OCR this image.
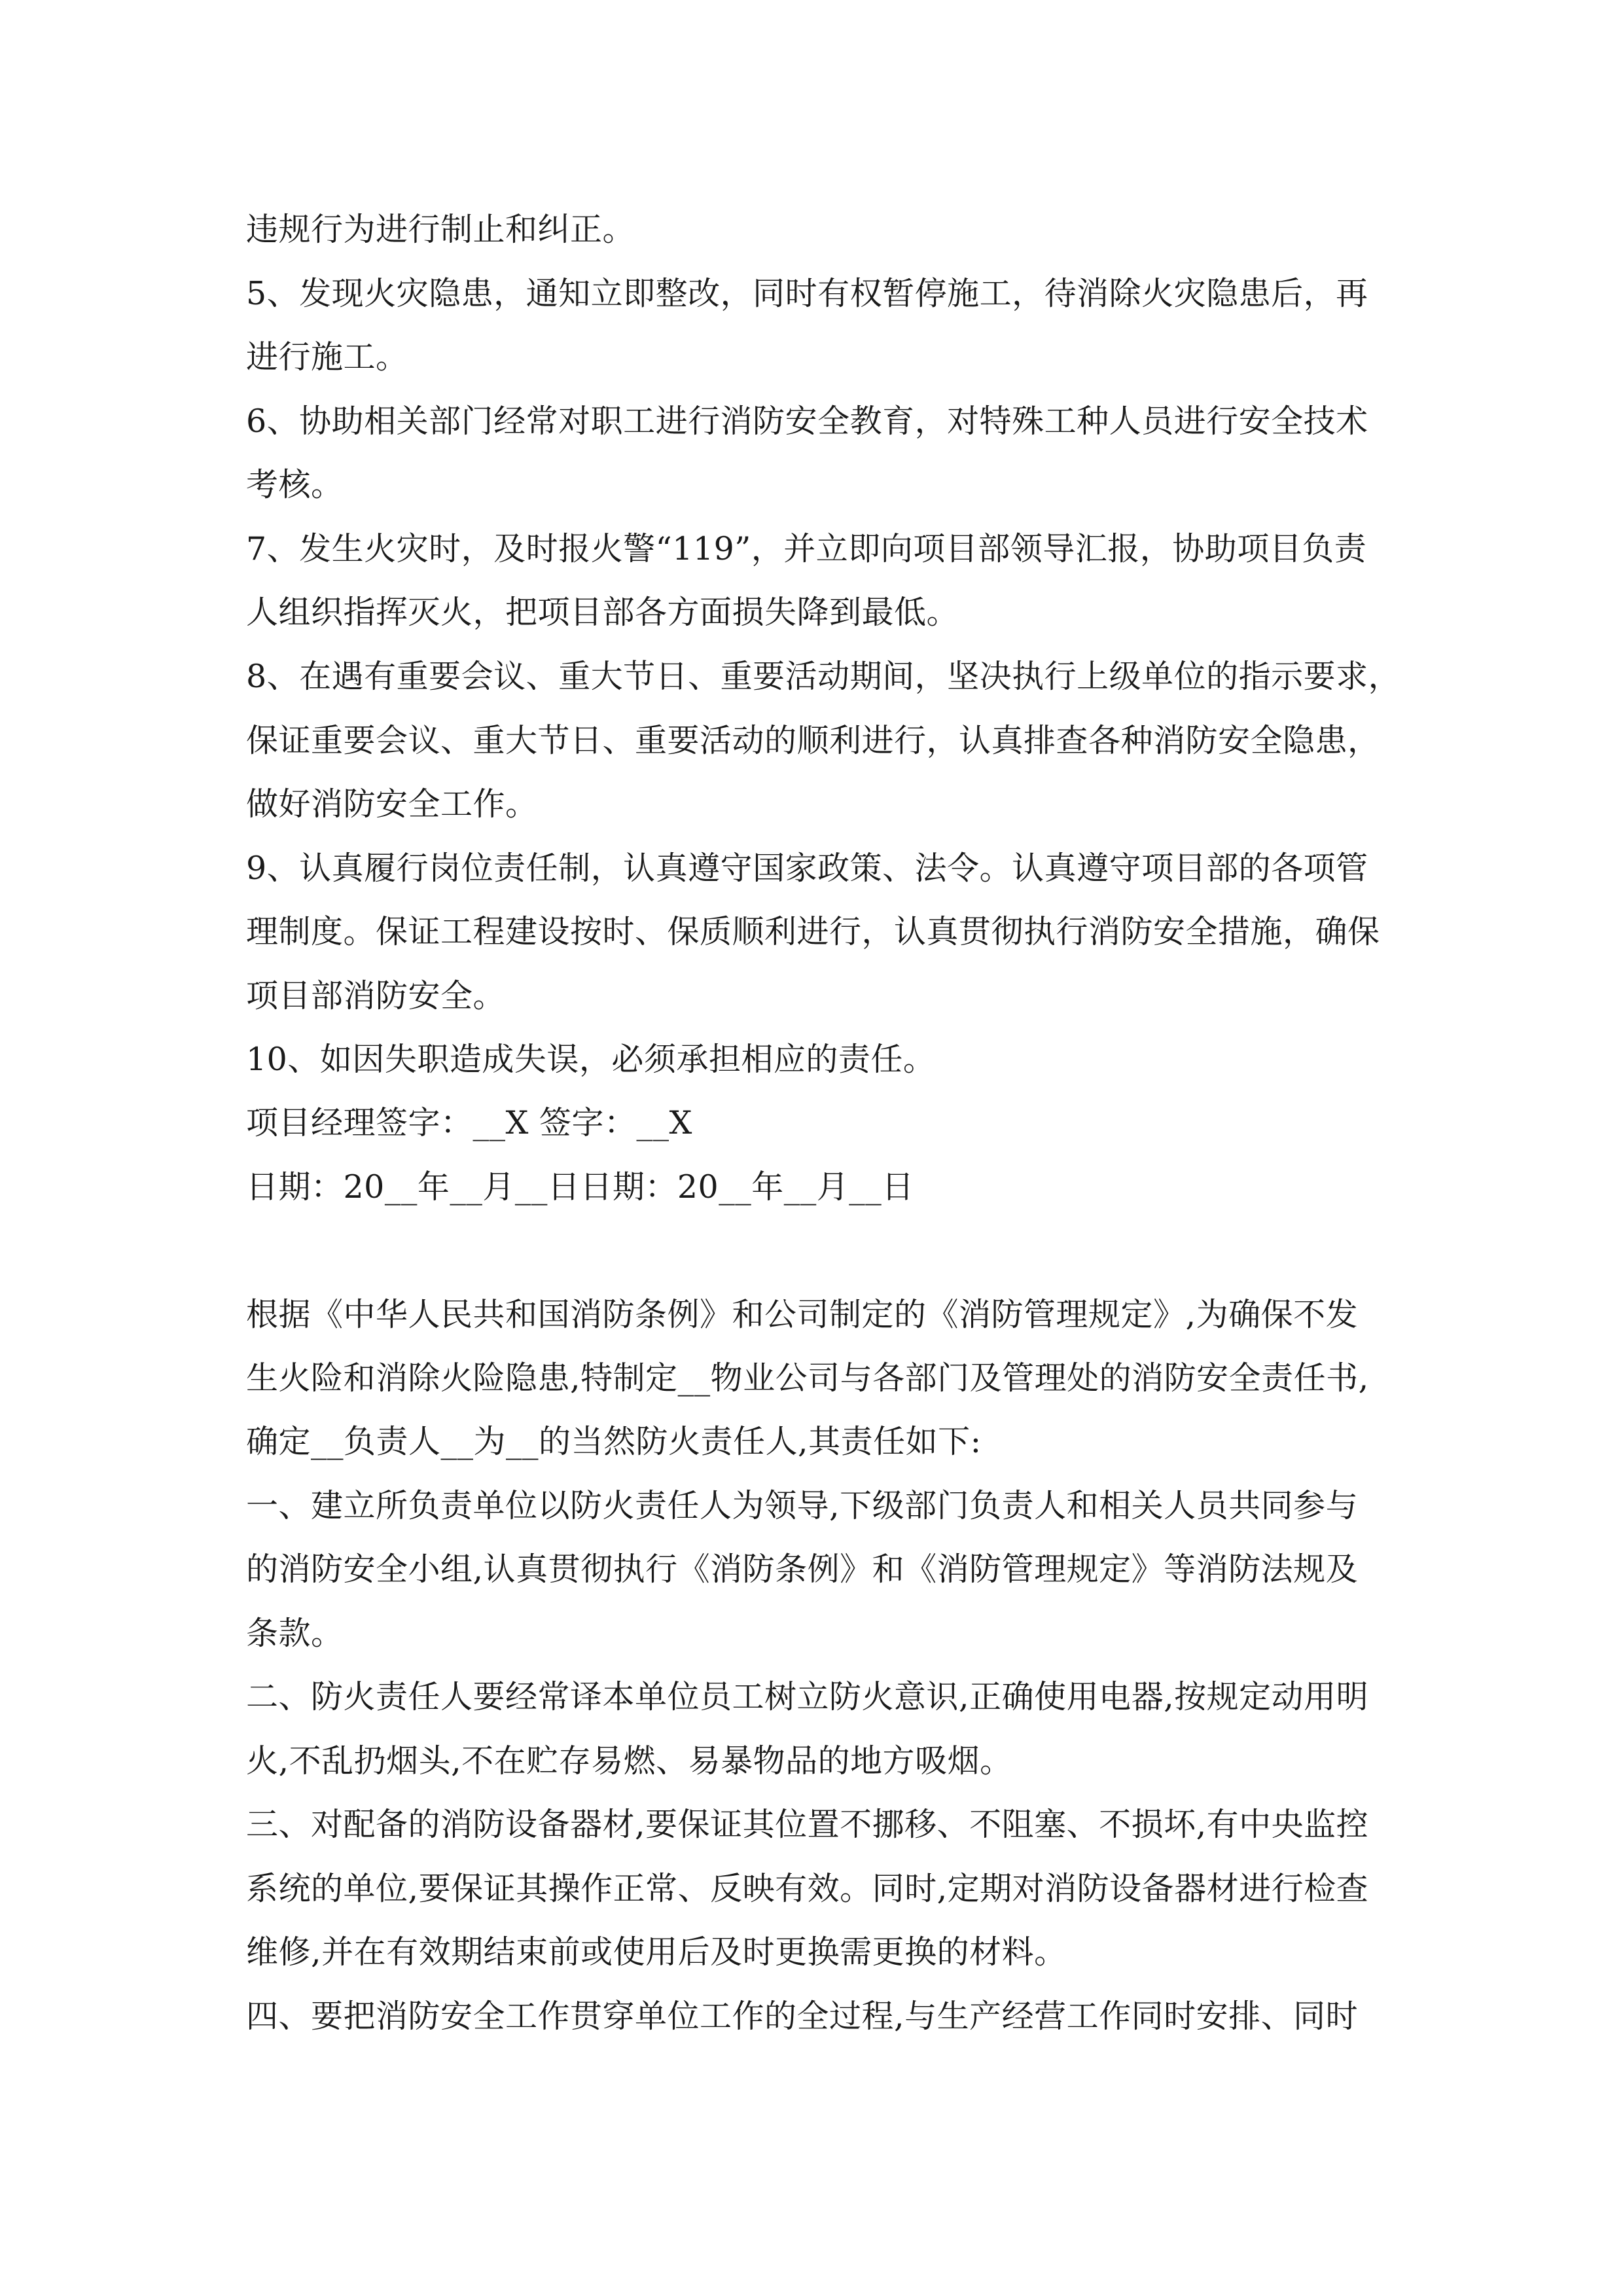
违规行为进行制止和纠正。
5、发现火灾隐患，通知立即整改，同时有权暂停施工，待消除火灾隐患后，再
进行施工。
6、协助相关部门经常对职工进行消防安全教育，对特殊工种人员进行安全技术
考核。
7、发生火灾时，及时报火警“119”，并立即向项目部领导汇报，协助项目负责
人组织指挥灭火，把项目部各方面损失降到最低。
8、在遇有重要会议、重大节日、重要活动期间，坚决执行上级单位的指示要求，
保证重要会议、重大节日、重要活动的顺利进行，认真排查各种消防安全隐患，
做好消防安全工作。
9、认真履行岗位责任制，认真遵守国家政策、法令。认真遵守项目部的各项管
理制度。保证工程建设按时、保质顺利进行，认真贯彻执行消防安全措施，确保
项目部消防安全。
10、如因失职造成失误，必须承担相应的责任。
项目经理签字：__X 签字：__X
日期：20__年__月__日日期：20__年__月__日
根据《中华人民共和国消防条例》和公司制定的《消防管理规定》,为确保不发
生火险和消除火险隐患,特制定__物业公司与各部门及管理处的消防安全责任书,
确定__负责人__为__的当然防火责任人,其责任如下:
一、建立所负责单位以防火责任人为领导,下级部门负责人和相关人员共同参与
的消防安全小组,认真贯彻执行《消防条例》和《消防管理规定》等消防法规及
条款。
二、防火责任人要经常译本单位员工树立防火意识,正确使用电器,按规定动用明
火,不乱扔烟头,不在贮存易燃、易暴物品的地方吸烟。
三、对配备的消防设备器材,要保证其位置不挪移、不阻塞、不损坏,有中央监控
系统的单位,要保证其操作正常、反映有效。同时,定期对消防设备器材进行检查
维修,并在有效期结束前或使用后及时更换需更换的材料。
四、要把消防安全工作贯穿单位工作的全过程,与生产经营工作同时安排、同时
